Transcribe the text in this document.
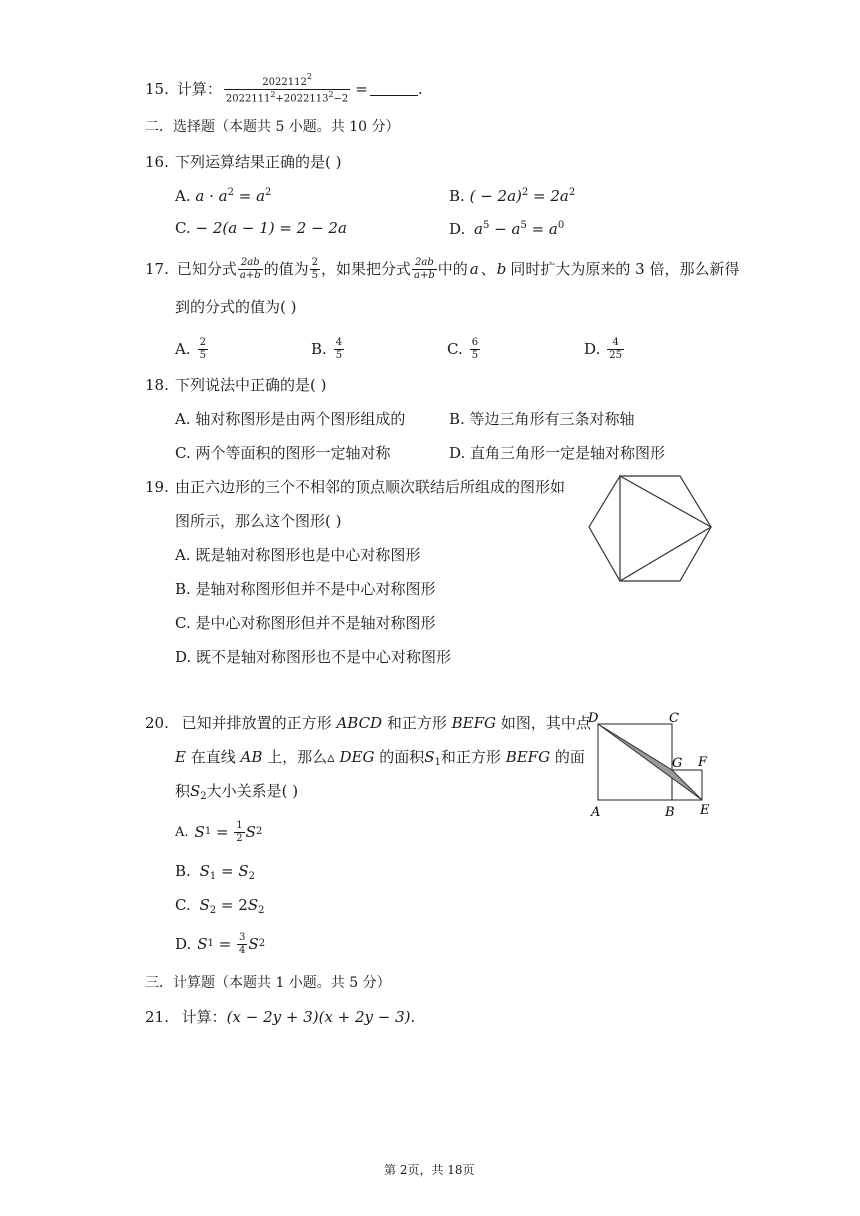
15. 计算： $\frac{2022112^2}{2022111^2+2022113^2-2}$ =	.
二．选择题（本题共 5 小题。共 10 分）
16. 下列运算结果正确的是( )
A. $a \cdot a^2 = a^2$	B. ( − $2a)^2 = 2a^2$
C. − 2(a − 1) = 2 − 2a	D. $a^5 - a^5 = a^0$
17. 已知分式 $\frac{2ab}{a+b}$ 的值为 $\frac{2}{5}$ ，如果把分式 $\frac{2ab}{a+b}$ 中的 a 、 b 同时扩大为原来的 3 倍，那么新得
到的分式的值为( )
A. $\frac{2}{5}$	B. $\frac{4}{5}$	C. $\frac{6}{5}$	D. $\frac{4}{25}$
18. 下列说法中正确的是( )
A. 轴对称图形是由两个图形组成的	B. 等边三角形有三条对称轴
C. 两个等面积的图形一定轴对称	D. 直角三角形一定是轴对称图形
19. 由正六边形的三个不相邻的顶点顺次联结后所组成的图形如
图所示，那么这个图形( )
A. 既是轴对称图形也是中心对称图形
B. 是轴对称图形但并不是中心对称图形
C. 是中心对称图形但并不是轴对称图形
D. 既不是轴对称图形也不是中心对称图形
20. 已知并排放置的正方形 ABCD 和正方形 BEFG 如图，其中点
E 在直线 AB 上，那么▵ DEG 的面积$S_1$和正方形 BEFG 的面
积$S_2$大小关系是( )
A. S $1 = \frac{1}{2}$ S 2
B. $S_1 = S_2$
C. $S_2 = 2S_2$
D. S $1 = \frac{3}{4}$ S 2
D	C
G F
A	B E
三．计算题（本题共 1 小题。共 5 分）
21. 计算：(x − 2y + 3)(x + 2y − 3).
第 2页，共 18页
